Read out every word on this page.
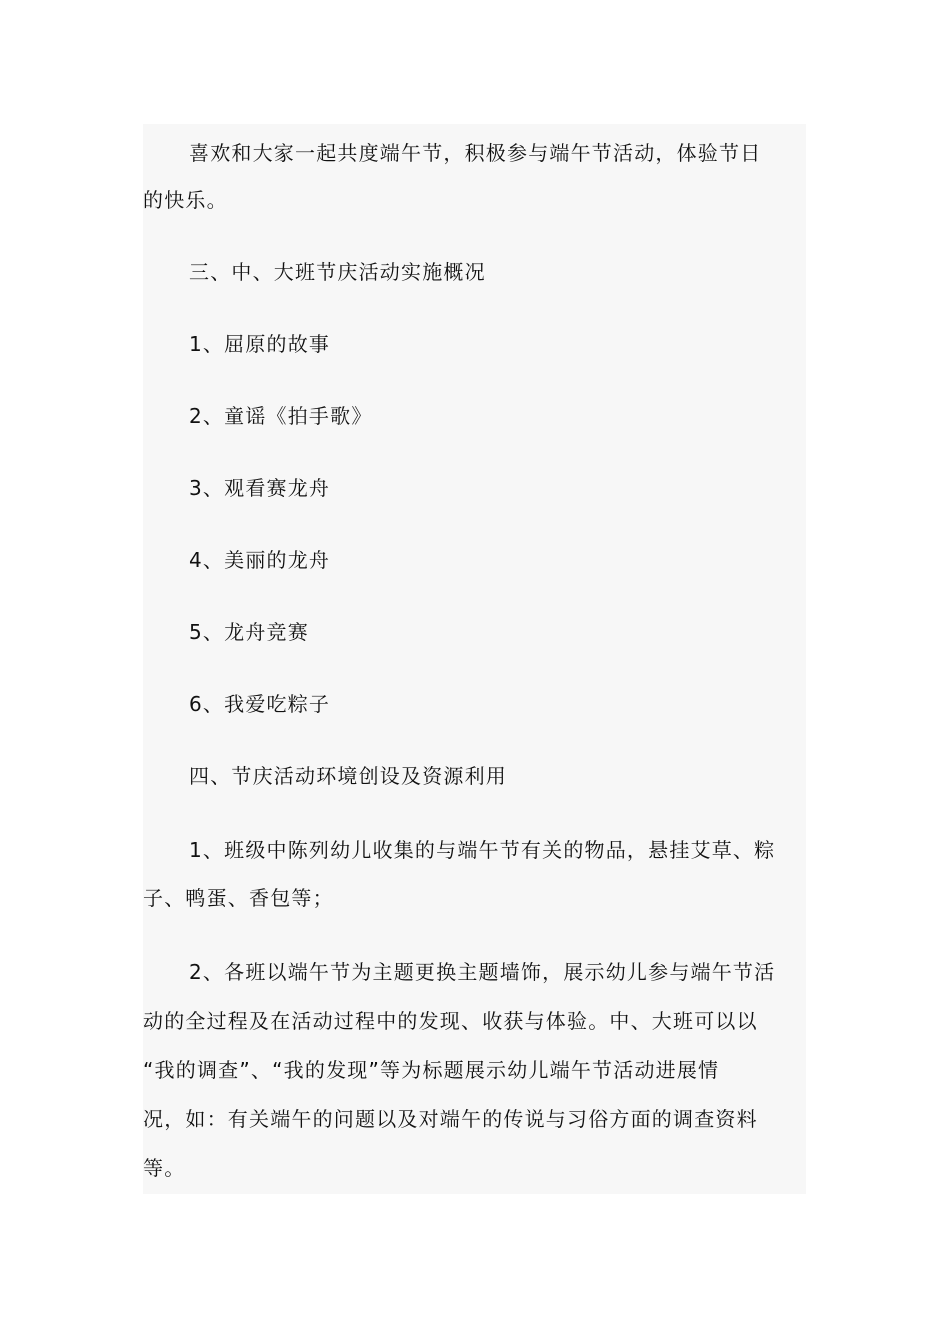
喜欢和大家一起共度端午节，积极参与端午节活动，体验节日
的快乐。
三、中、大班节庆活动实施概况
1、屈原的故事
2、童谣《拍手歌》
3、观看赛龙舟
4、美丽的龙舟
5、龙舟竞赛
6、我爱吃粽子
四、节庆活动环境创设及资源利用
1、班级中陈列幼儿收集的与端午节有关的物品，悬挂艾草、粽
子、鸭蛋、香包等；
2、各班以端午节为主题更换主题墙饰，展示幼儿参与端午节活
动的全过程及在活动过程中的发现、收获与体验。中、大班可以以
“我的调查”、“我的发现”等为标题展示幼儿端午节活动进展情
况，如：有关端午的问题以及对端午的传说与习俗方面的调查资料
等。
